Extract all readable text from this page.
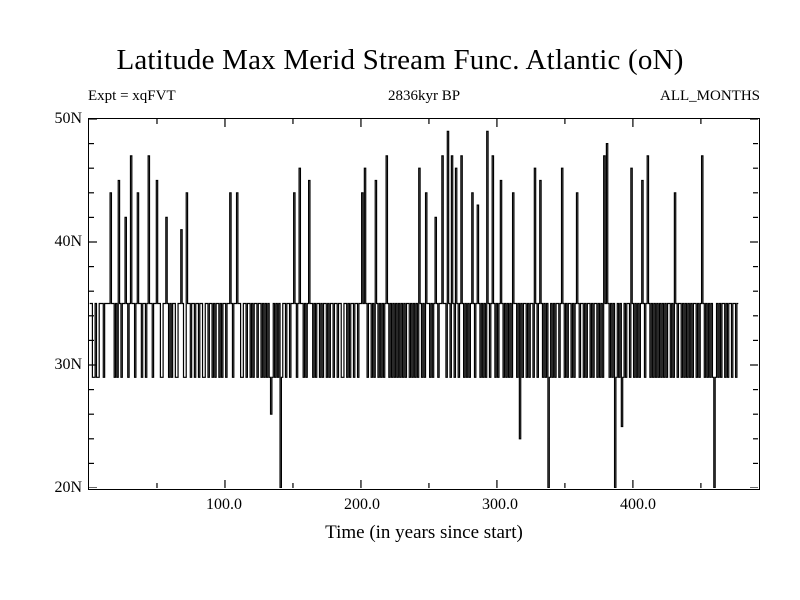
Latitude Max Merid Stream Func. Atlantic (oN)
2836kyr BP
Expt = xqFVT	ALL_MONTHS
50N
40N
30N
20N
100.0	200.0	300.0	400.0
Time (in years since start)
